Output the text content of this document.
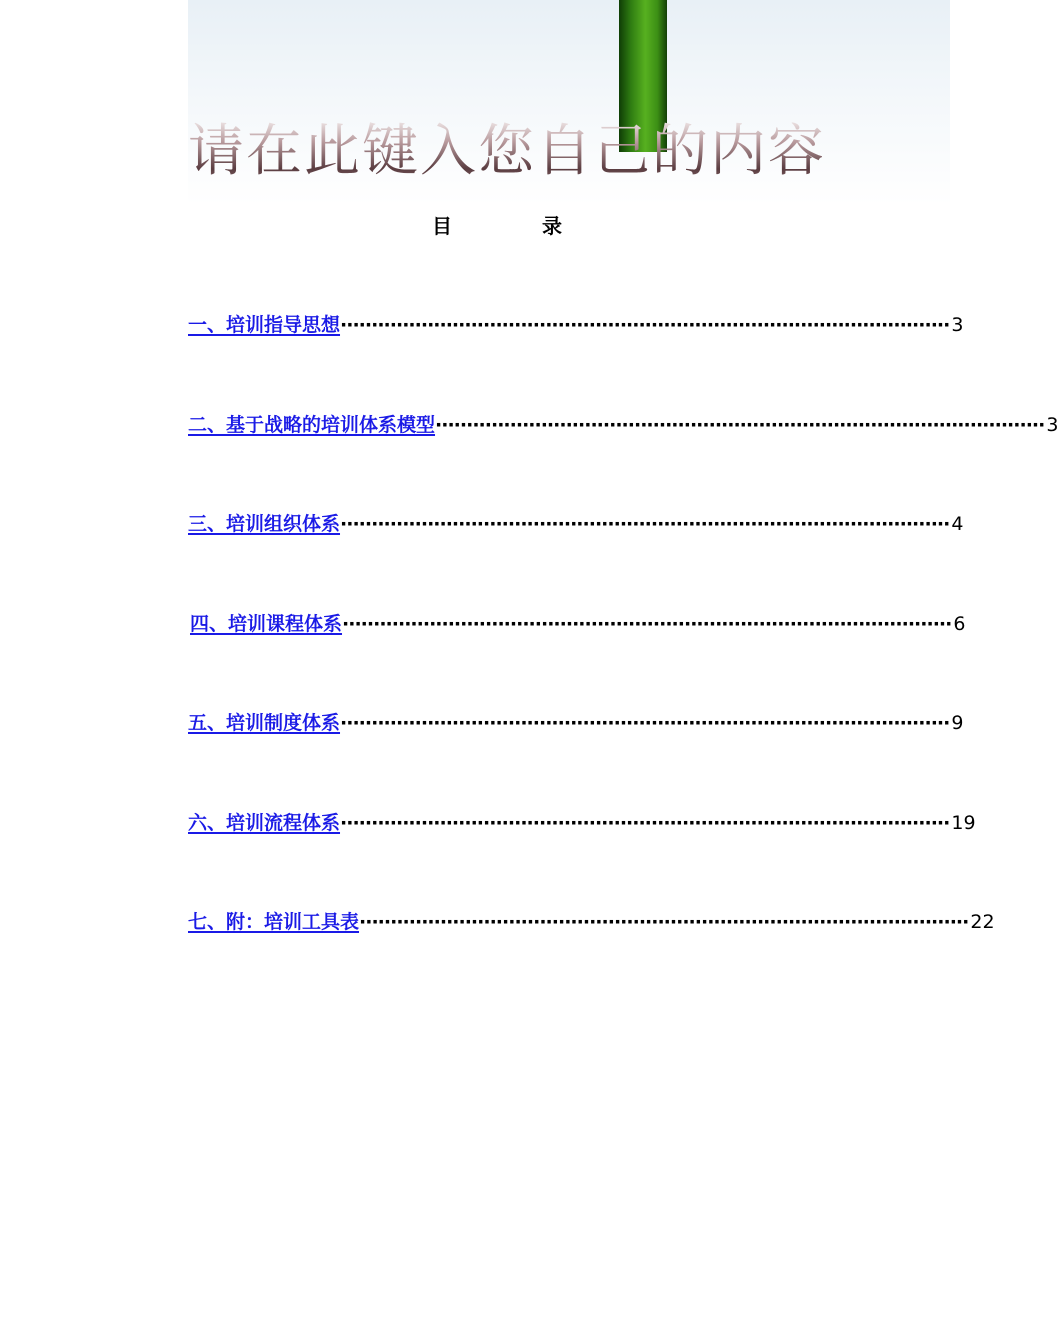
请在此键入您自己的内容
目	录
一、培训指导思想 ·································································································· 3
二、基于战略的培训体系模型 ·································································································· 3
三、培训组织体系 ·································································································· 4
四、培训课程体系 ·································································································· 6
五、培训制度体系 ·································································································· 9
六、培训流程体系 ·································································································· 19
七、附：培训工具表 ·································································································· 22
